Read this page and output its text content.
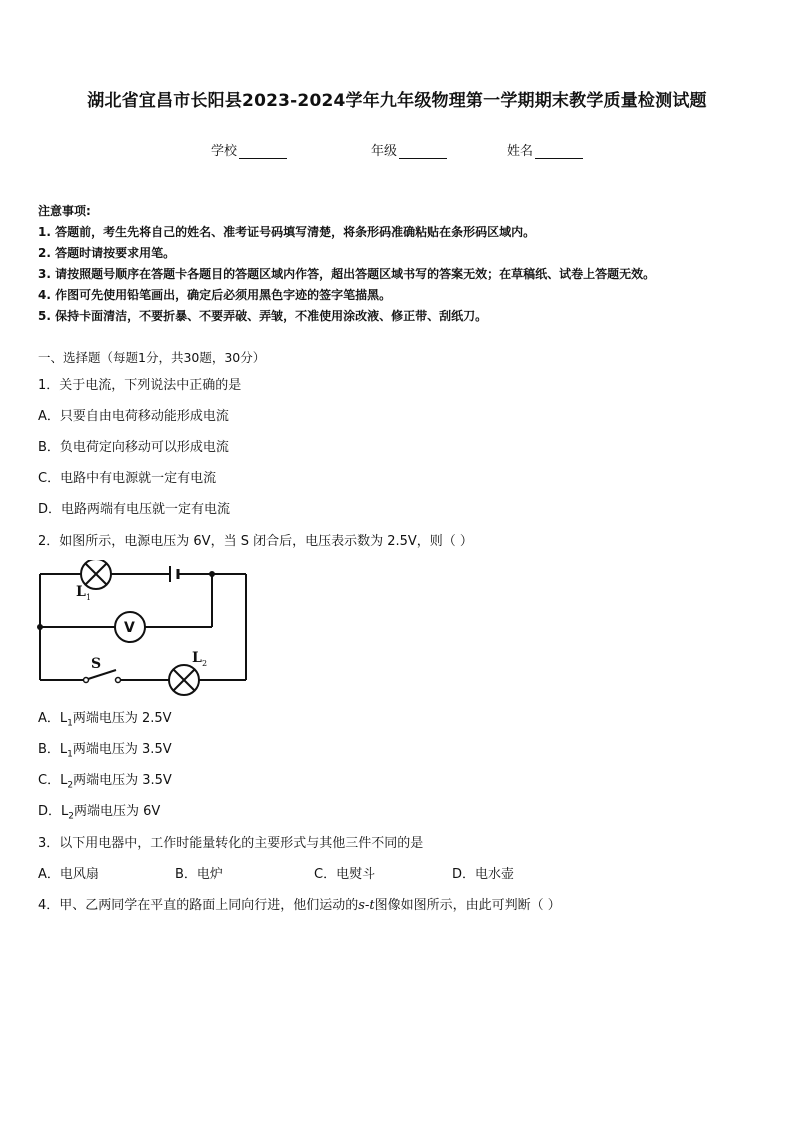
湖北省宜昌市长阳县2023-2024学年九年级物理第一学期期末教学质量检测试题
学校	年级	姓名
注意事项:
1. 答题前，考生先将自己的姓名、准考证号码填写清楚，将条形码准确粘贴在条形码区域内。
2. 答题时请按要求用笔。
3. 请按照题号顺序在答题卡各题目的答题区域内作答，超出答题区域书写的答案无效；在草稿纸、试卷上答题无效。
4. 作图可先使用铅笔画出，确定后必须用黑色字迹的签字笔描黑。
5. 保持卡面清洁，不要折暴、不要弄破、弄皱，不准使用涂改液、修正带、刮纸刀。
一、选择题（每题1分，共30题，30分）
1．关于电流，下列说法中正确的是
A．只要自由电荷移动能形成电流
B．负电荷定向移动可以形成电流
C．电路中有电源就一定有电流
D．电路两端有电压就一定有电流
2．如图所示，电源电压为 6V，当 S 闭合后，电压表示数为 2.5V，则（ ）
L 1
V
S	L 2
A．$L_1$两端电压为 2.5V
B．$L_1$两端电压为 3.5V
C．$L_2$两端电压为 3.5V
D．$L_2$两端电压为 6V
3．以下用电器中，工作时能量转化的主要形式与其他三件不同的是
A．电风扇	B．电炉	C．电熨斗	D．电水壶
4．甲、乙两同学在平直的路面上同向行进，他们运动的s-t图像如图所示，由此可判断（ ）
